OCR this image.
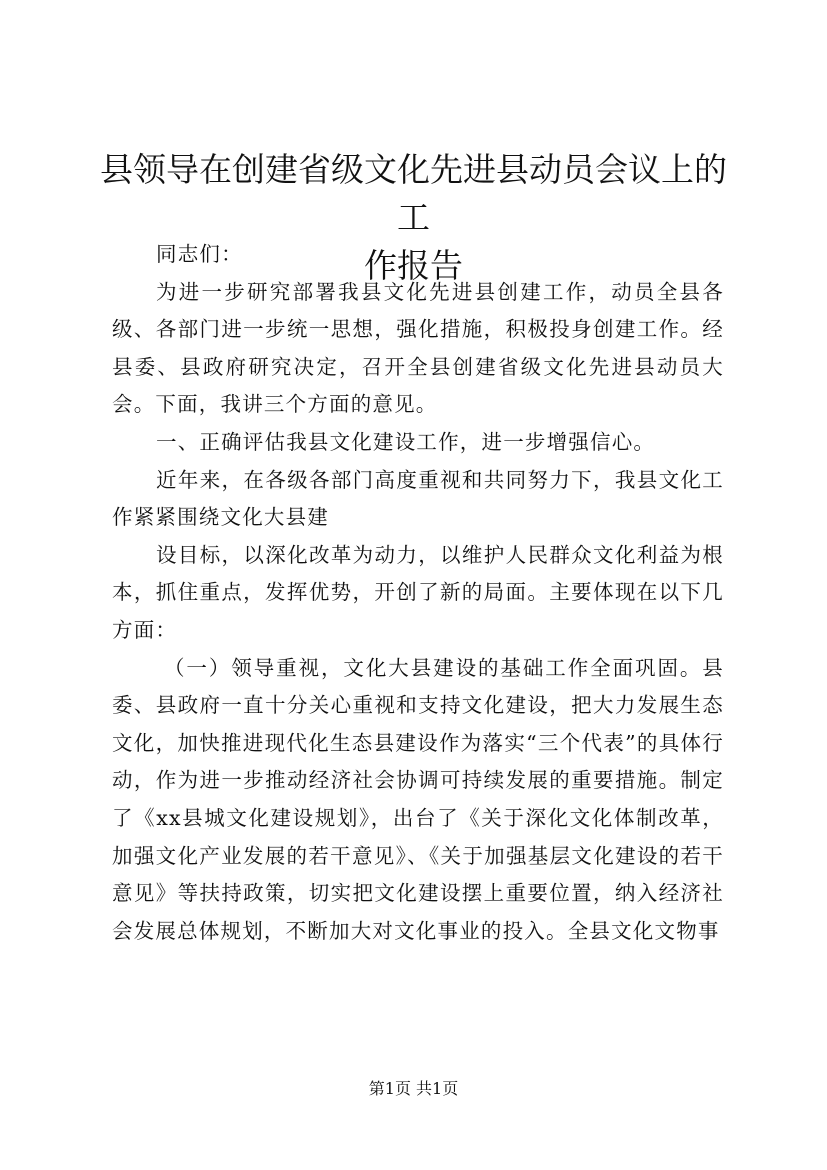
县领导在创建省级文化先进县动员会议上的工
作报告

同志们：

为进一步研究部署我县文化先进县创建工作，动员全县各级、各部门进一步统一思想，强化措施，积极投身创建工作。经县委、县政府研究决定，召开全县创建省级文化先进县动员大会。下面，我讲三个方面的意见。

一、正确评估我县文化建设工作，进一步增强信心。

近年来，在各级各部门高度重视和共同努力下，我县文化工作紧紧围绕文化大县建

设目标，以深化改革为动力，以维护人民群众文化利益为根本，抓住重点，发挥优势，开创了新的局面。主要体现在以下几方面：

（一）领导重视，文化大县建设的基础工作全面巩固。县委、县政府一直十分关心重视和支持文化建设，把大力发展生态文化，加快推进现代化生态县建设作为落实“三个代表”的具体行动，作为进一步推动经济社会协调可持续发展的重要措施。制定了《xx县城文化建设规划》，出台了《关于深化文化体制改革，加强文化产业发展的若干意见》、《关于加强基层文化建设的若干意见》等扶持政策，切实把文化建设摆上重要位置，纳入经济社会发展总体规划，不断加大对文化事业的投入。全县文化文物事

第1页 共1页
